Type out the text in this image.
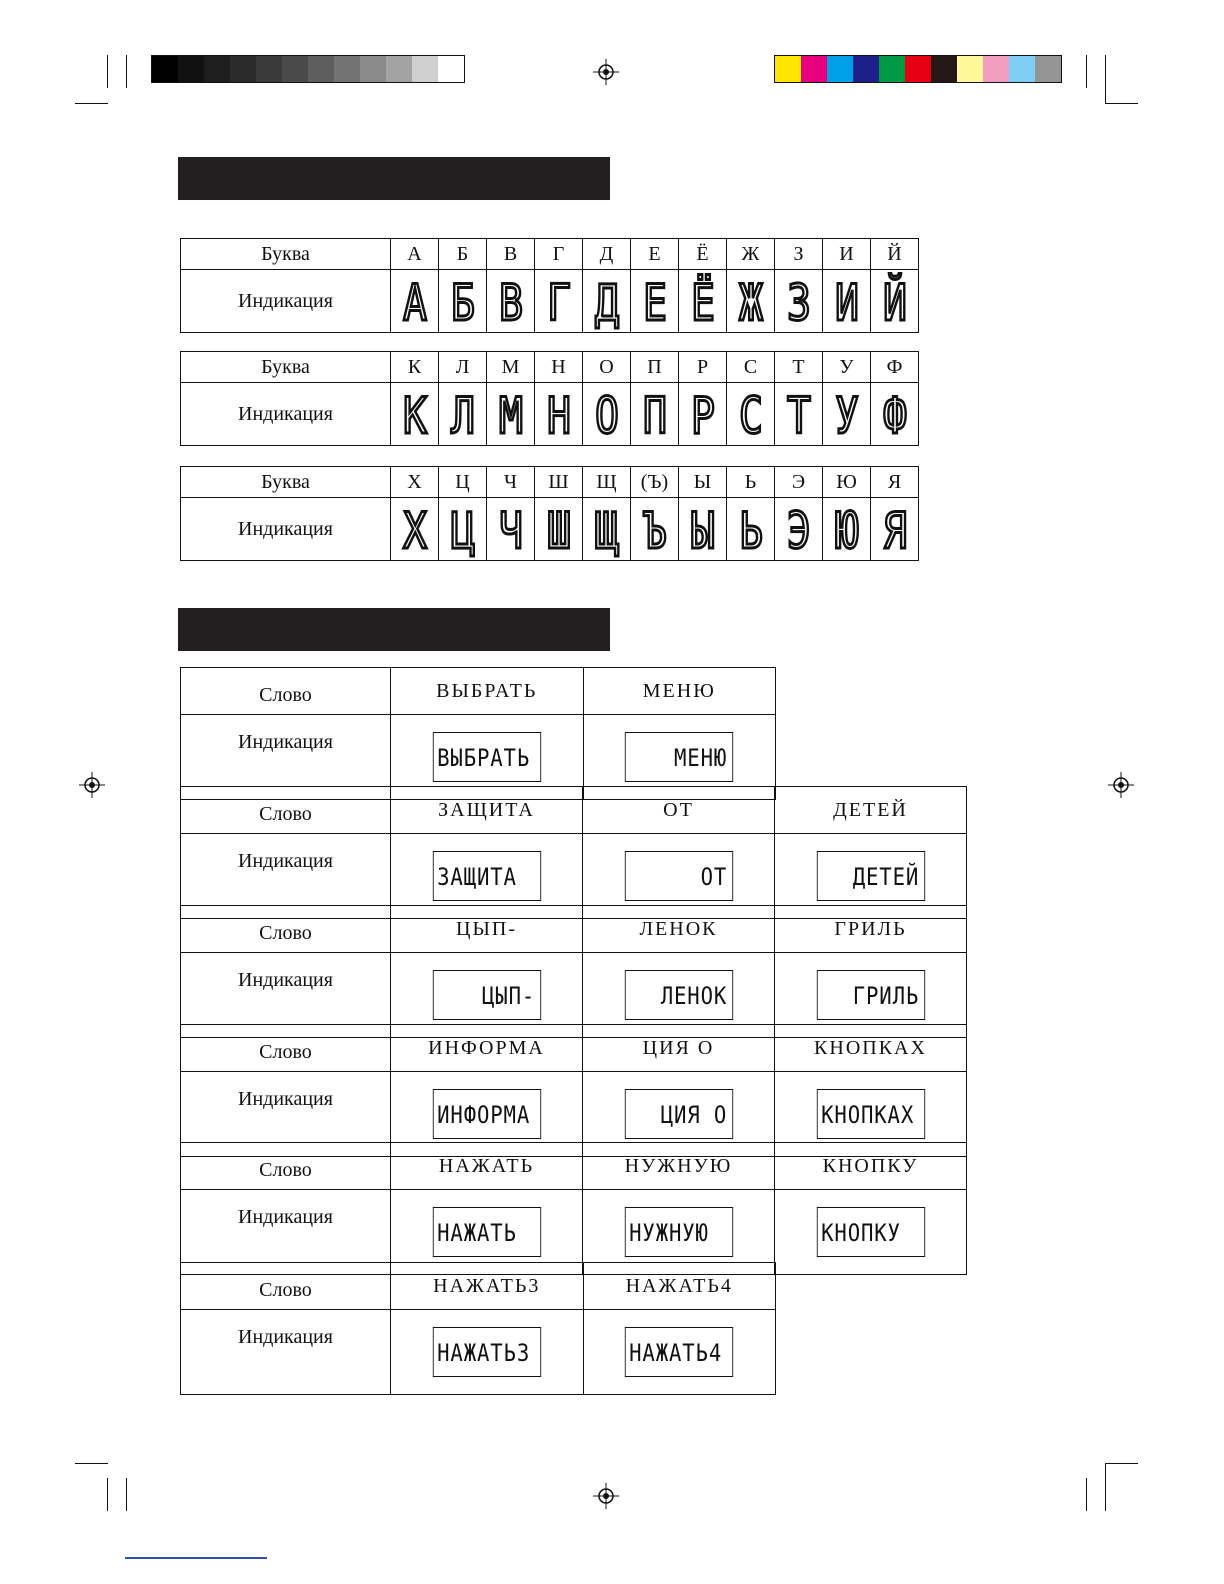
Буква	А	Б	В	Г	Д	Е	Ё	Ж	З	И	Й
Индикация	А	Б	В	Г	Д	Е	Ё	Ж	З	И	Й
Буква	К	Л	М	Н	О	П	Р	С	Т	У	Ф
Индикация	К	Л	М	Н	О	П	Р	С	Т	У	Ф
Буква	Х	Ц	Ч	Ш	Щ	(Ъ)	Ы	Ь	Э	Ю	Я
Индикация	Х	Ц	Ч	Ш	Щ	Ъ	Ы	Ь	Э	Ю	Я
Слово	ВЫБРАТЬ	МЕНЮ
Индикация	ВЫБРАТЬ	МЕНЮ
Слово	ЗАЩИТА	ОТ	ДЕТЕЙ
Индикация	ЗАЩИТА	ОТ	ДЕТЕЙ
Слово	ЦЫП-	ЛЕНОК	ГРИЛЬ
Индикация	ЦЫП-	ЛЕНОК	ГРИЛЬ
Слово	ИНФОРМА	ЦИЯ О	КНОПКАХ
Индикация	ИНФОРМА	ЦИЯ О	КНОПКАХ
Слово	НАЖАТЬ	НУЖНУЮ	КНОПКУ
Индикация	НАЖАТЬ	НУЖНУЮ	КНОПКУ
Слово	НАЖАТЬ3	НАЖАТЬ4
Индикация	НАЖАТЬ3	НАЖАТЬ4
